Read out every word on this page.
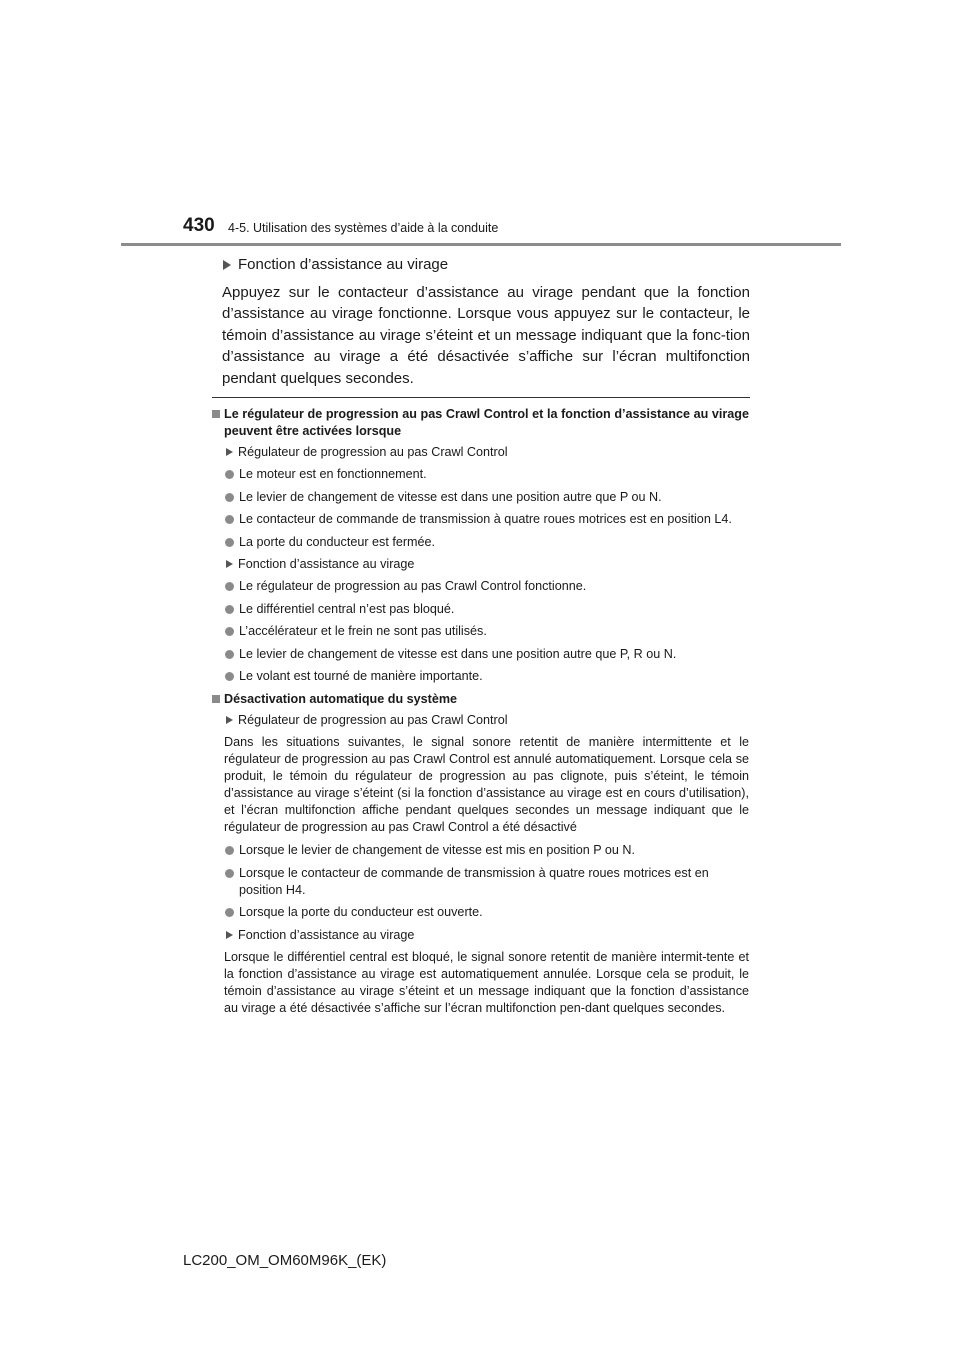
430 4-5. Utilisation des systèmes d’aide à la conduite
Fonction d’assistance au virage

Appuyez sur le contacteur d’assistance au virage pendant que la fonction d’assistance au virage fonctionne. Lorsque vous appuyez sur le contacteur, le témoin d’assistance au virage s’éteint et un message indiquant que la fonc-tion d’assistance au virage a été désactivée s’affiche sur l’écran multifonction pendant quelques secondes.

Le régulateur de progression au pas Crawl Control et la fonction d’assistance au virage peuvent être activées lorsque
Régulateur de progression au pas Crawl Control
Le moteur est en fonctionnement.
Le levier de changement de vitesse est dans une position autre que P ou N.
Le contacteur de commande de transmission à quatre roues motrices est en position L4.
La porte du conducteur est fermée.
Fonction d’assistance au virage
Le régulateur de progression au pas Crawl Control fonctionne.
Le différentiel central n’est pas bloqué.
L’accélérateur et le frein ne sont pas utilisés.
Le levier de changement de vitesse est dans une position autre que P, R ou N.
Le volant est tourné de manière importante.
Désactivation automatique du système
Régulateur de progression au pas Crawl Control

Dans les situations suivantes, le signal sonore retentit de manière intermittente et le régulateur de progression au pas Crawl Control est annulé automatiquement. Lorsque cela se produit, le témoin du régulateur de progression au pas clignote, puis s’éteint, le témoin d’assistance au virage s’éteint (si la fonction d’assistance au virage est en cours d’utilisation), et l’écran multifonction affiche pendant quelques secondes un message indiquant que le régulateur de progression au pas Crawl Control a été désactivé

Lorsque le levier de changement de vitesse est mis en position P ou N.
Lorsque le contacteur de commande de transmission à quatre roues motrices est en position H4.
Lorsque la porte du conducteur est ouverte.
Fonction d’assistance au virage

Lorsque le différentiel central est bloqué, le signal sonore retentit de manière intermit-tente et la fonction d’assistance au virage est automatiquement annulée. Lorsque cela se produit, le témoin d’assistance au virage s’éteint et un message indiquant que la fonction d’assistance au virage a été désactivée s’affiche sur l’écran multifonction pen-dant quelques secondes.

LC200_OM_OM60M96K_(EK)
